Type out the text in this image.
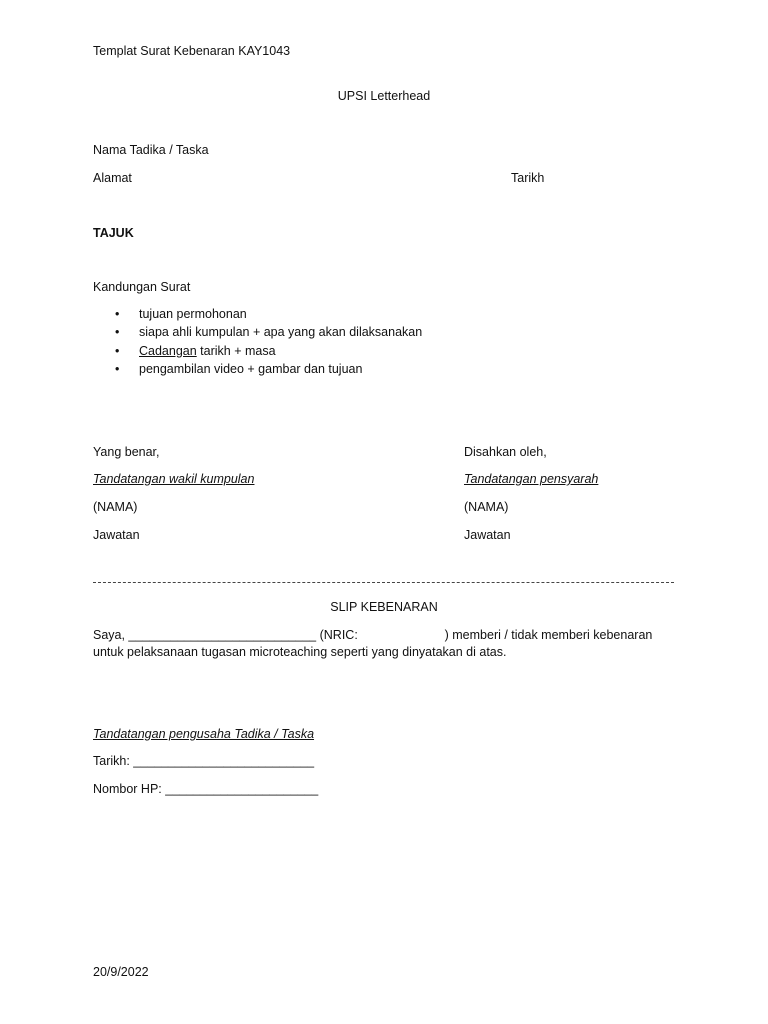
Templat Surat Kebenaran KAY1043
UPSI Letterhead
Nama Tadika / Taska
Alamat	Tarikh
TAJUK
Kandungan Surat
• tujuan permohonan
• siapa ahli kumpulan + apa yang akan dilaksanakan
• Cadangan tarikh + masa
• pengambilan video + gambar dan tujuan
Yang benar,
Tandatangan wakil kumpulan
(NAMA)
Jawatan
Disahkan oleh,
Tandatangan pensyarah
(NAMA)
Jawatan
SLIP KEBENARAN
Saya, ___________________________ (NRIC:                         ) memberi / tidak memberi kebenaran
untuk pelaksanaan tugasan microteaching seperti yang dinyatakan di atas.
Tandatangan pengusaha Tadika / Taska
Tarikh: __________________________
Nombor HP: ______________________
20/9/2022
